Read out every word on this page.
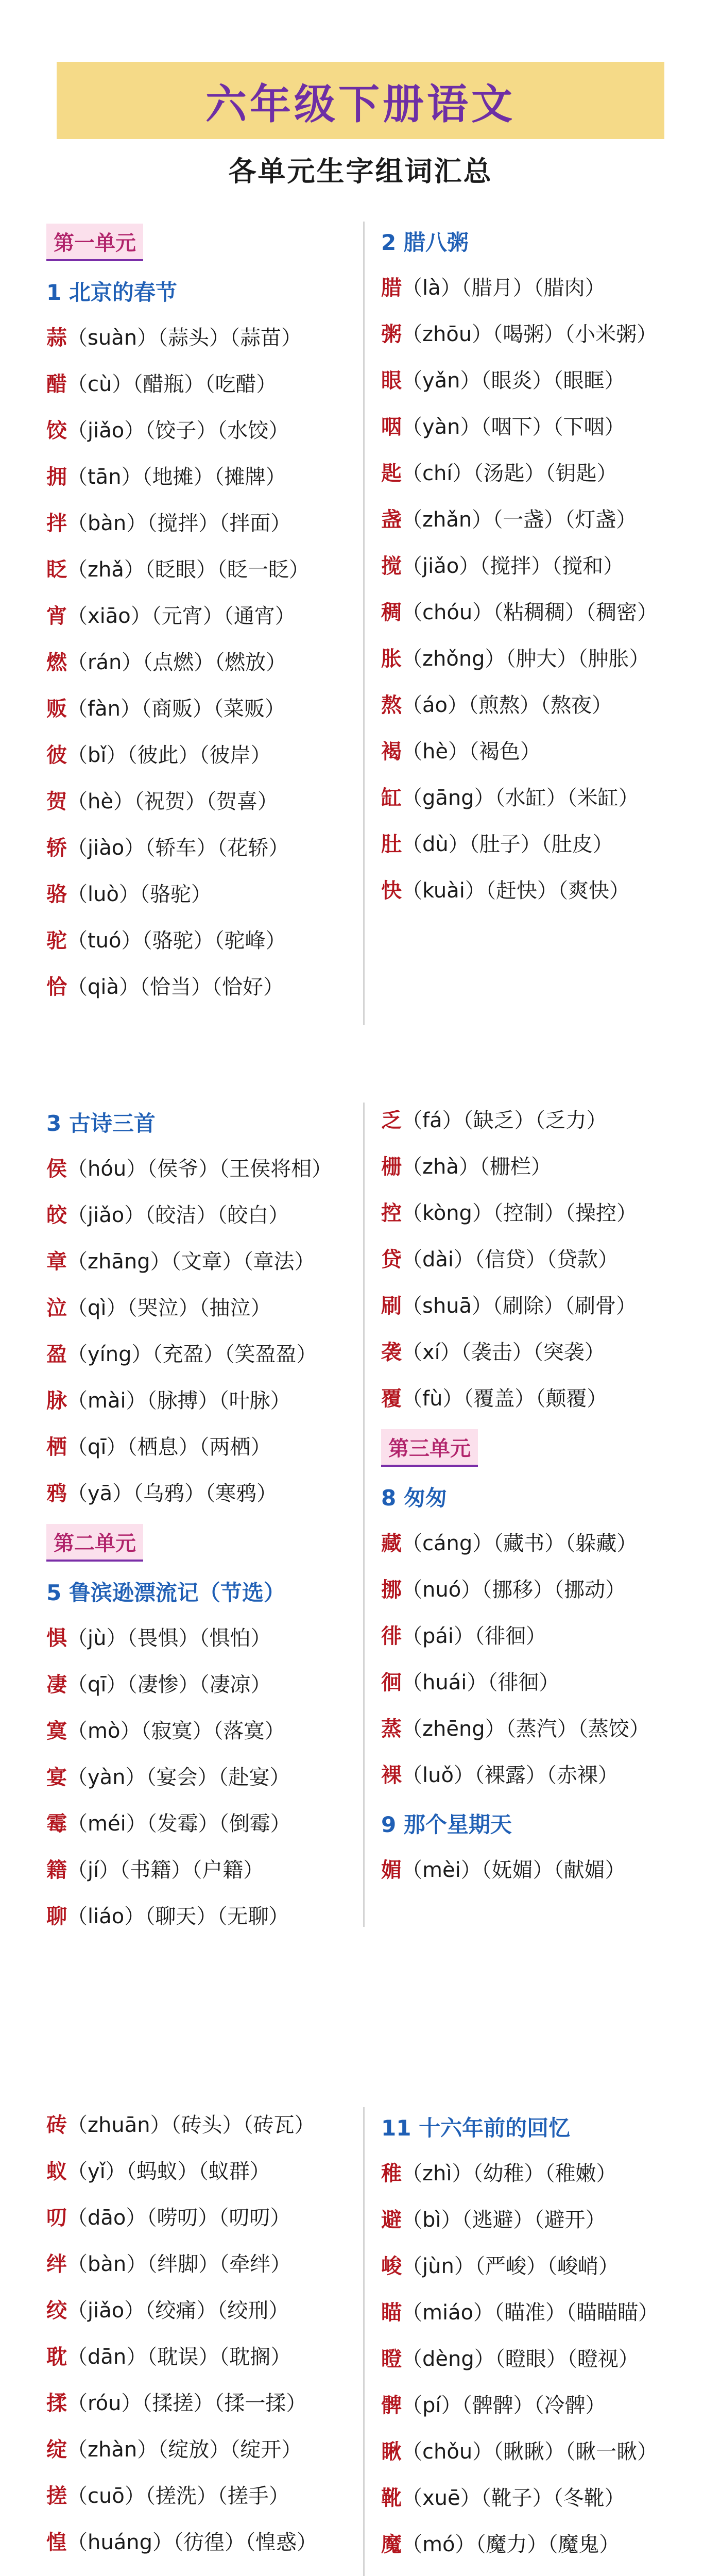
六年级下册语文
各单元生字组词汇总
第一单元
1 北京的春节
蒜（suàn）（蒜头）（蒜苗）
醋（cù）（醋瓶）（吃醋）
饺（jiǎo）（饺子）（水饺）
拥（tān）（地摊）（摊牌）
拌（bàn）（搅拌）（拌面）
眨（zhǎ）（眨眼）（眨一眨）
宵（xiāo）（元宵）（通宵）
燃（rán）（点燃）（燃放）
贩（fàn）（商贩）（菜贩）
彼（bǐ）（彼此）（彼岸）
贺（hè）（祝贺）（贺喜）
轿（jiào）（轿车）（花轿）
骆（luò）（骆驼）
驼（tuó）（骆驼）（驼峰）
恰（qià）（恰当）（恰好）
2 腊八粥
腊（là）（腊月）（腊肉）
粥（zhōu）（喝粥）（小米粥）
眼（yǎn）（眼炎）（眼眶）
咽（yàn）（咽下）（下咽）
匙（chí）（汤匙）（钥匙）
盏（zhǎn）（一盏）（灯盏）
搅（jiǎo）（搅拌）（搅和）
稠（chóu）（粘稠稠）（稠密）
胀（zhǒng）（肿大）（肿胀）
熬（áo）（煎熬）（熬夜）
褐（hè）（褐色）
缸（gāng）（水缸）（米缸）
肚（dù）（肚子）（肚皮）
快（kuài）（赶快）（爽快）
3 古诗三首
侯（hóu）（侯爷）（王侯将相）
皎（jiǎo）（皎洁）（皎白）
章（zhāng）（文章）（章法）
泣（qì）（哭泣）（抽泣）
盈（yíng）（充盈）（笑盈盈）
脉（mài）（脉搏）（叶脉）
栖（qī）（栖息）（两栖）
鸦（yā）（乌鸦）（寒鸦）
第二单元
5 鲁滨逊漂流记（节选）
惧（jù）（畏惧）（惧怕）
凄（qī）（凄惨）（凄凉）
寞（mò）（寂寞）（落寞）
宴（yàn）（宴会）（赴宴）
霉（méi）（发霉）（倒霉）
籍（jí）（书籍）（户籍）
聊（liáo）（聊天）（无聊）
乏（fá）（缺乏）（乏力）
栅（zhà）（栅栏）
控（kòng）（控制）（操控）
贷（dài）（信贷）（贷款）
刷（shuā）（刷除）（刷骨）
袭（xí）（袭击）（突袭）
覆（fù）（覆盖）（颠覆）
第三单元
8 匆匆
藏（cáng）（藏书）（躲藏）
挪（nuó）（挪移）（挪动）
徘（pái）（徘徊）
徊（huái）（徘徊）
蒸（zhēng）（蒸汽）（蒸饺）
裸（luǒ）（裸露）（赤裸）
9 那个星期天
媚（mèi）（妩媚）（献媚）
砖（zhuān）（砖头）（砖瓦）
蚁（yǐ）（蚂蚁）（蚁群）
叨（dāo）（唠叨）（叨叨）
绊（bàn）（绊脚）（牵绊）
绞（jiǎo）（绞痛）（绞刑）
耽（dān）（耽误）（耽搁）
揉（róu）（揉搓）（揉一揉）
绽（zhàn）（绽放）（绽开）
搓（cuō）（搓洗）（搓手）
惶（huáng）（彷徨）（惶惑）
11 十六年前的回忆
稚（zhì）（幼稚）（稚嫩）
避（bì）（逃避）（避开）
峻（jùn）（严峻）（峻峭）
瞄（miáo）（瞄准）（瞄瞄瞄）
瞪（dèng）（瞪眼）（瞪视）
髀（pí）（髀髀）（冷髀）
瞅（chǒu）（瞅瞅）（瞅一瞅）
靴（xuē）（靴子）（冬靴）
魔（mó）（魔力）（魔鬼）
